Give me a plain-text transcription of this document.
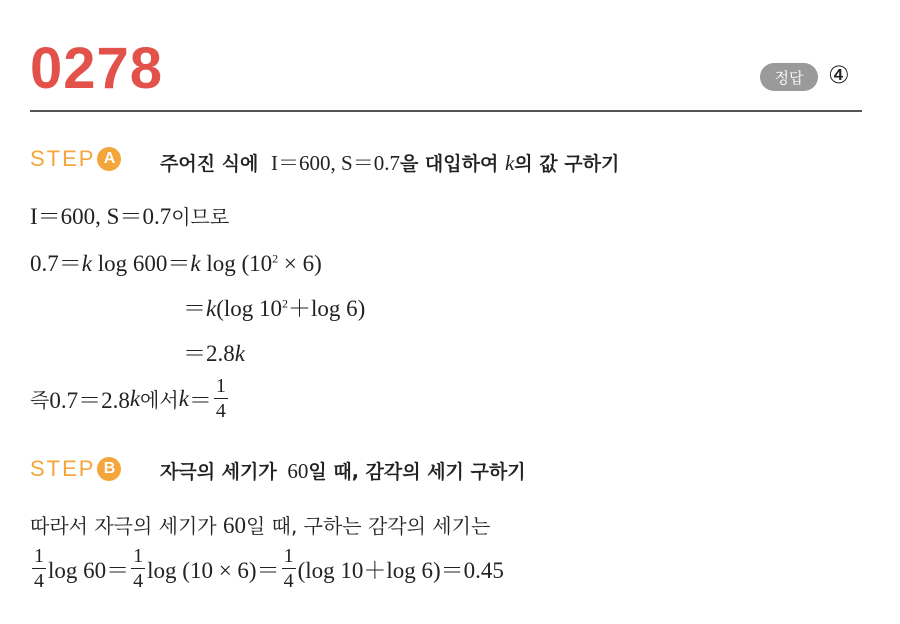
0278	정답	④
STEP A	주어진 식에 I＝600, S＝0.7을 대입하여 k의 값 구하기
I＝600, S＝0.7이므로
0.7＝k log 600＝k $\log (10^2 \times 6)$
＝k(log $10^2+\log$ 6)
＝2.8k
즉 0.7＝2.8 k 에서 $k = \frac{1}{4}$
STEP B	자극의 세기가 60일 때, 감각의 세기 구하기
따라서 자극의 세기가 60일 때, 구하는 감각의 세기는
$\frac{1}{4}$ $\log 60= \frac{1}{4}$ $\log (10 \times 6)= \frac{1}{4} (\log$ 10＋log 6)＝0.45
